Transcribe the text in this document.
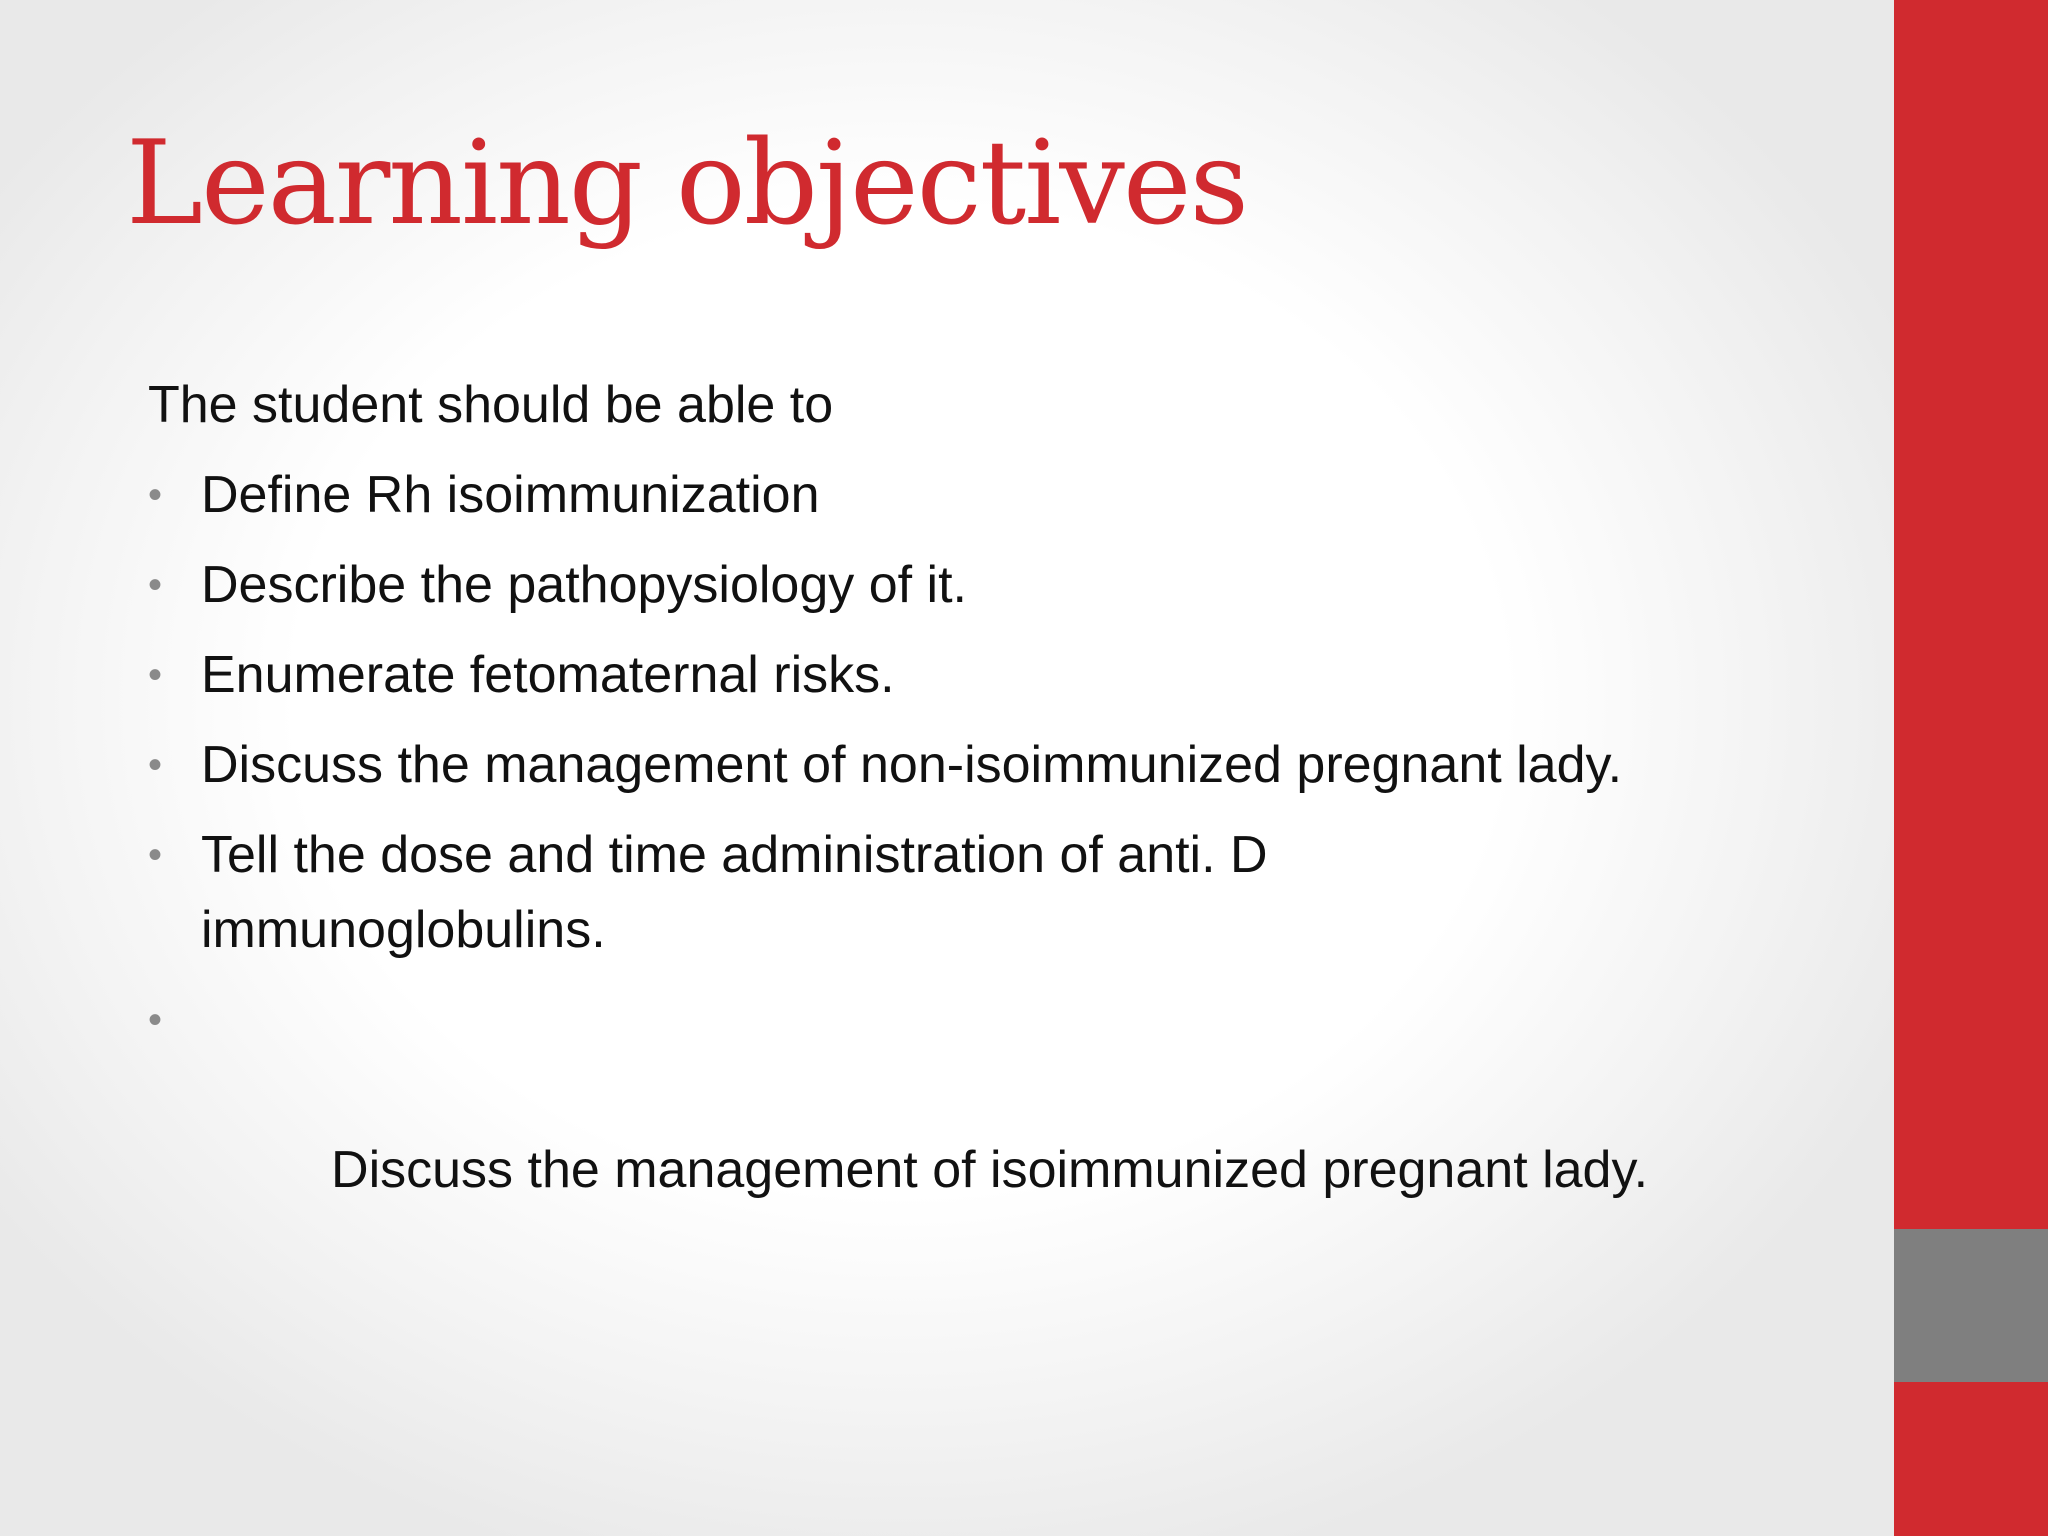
Learning objectives

The student should be able to

• Define Rh isoimmunization
• Describe the pathopysiology of it.
• Enumerate fetomaternal risks.
• Discuss the management of non-isoimmunized pregnant lady.
• Tell the dose and time administration of anti. D immunoglobulins.

•

Discuss the management of isoimmunized pregnant lady.
